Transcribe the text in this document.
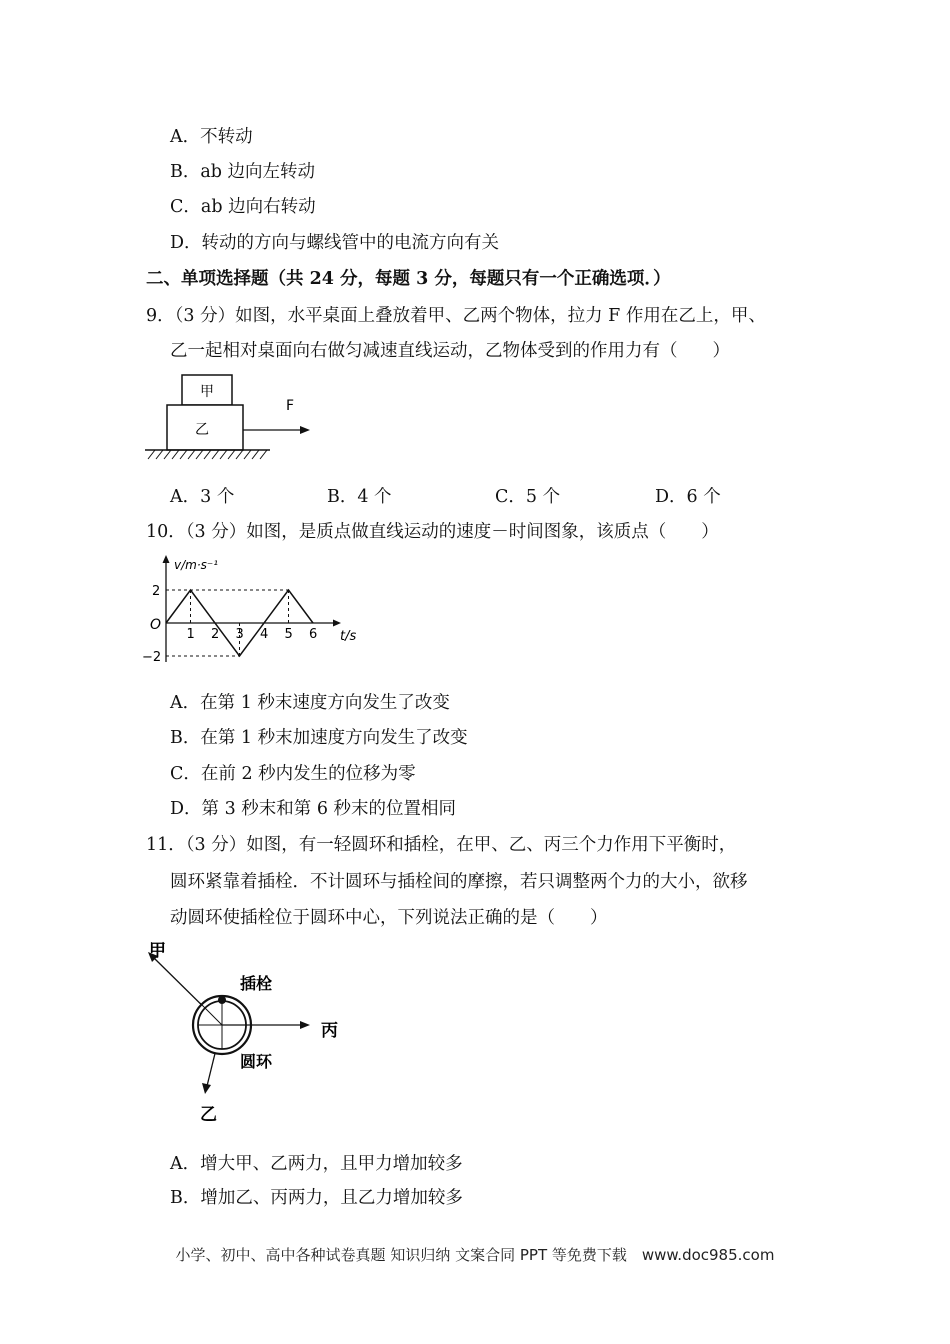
A．不转动
B．ab 边向左转动
C．ab 边向右转动
D．转动的方向与螺线管中的电流方向有关
二、单项选择题（共 24 分，每题 3 分，每题只有一个正确选项．）
9．（3 分）如图，水平桌面上叠放着甲、乙两个物体，拉力 F 作用在乙上，甲、
乙一起相对桌面向右做匀减速直线运动，乙物体受到的作用力有（　　）
甲
乙
F
A．3 个	B．4 个	C．5 个	D．6 个
10．（3 分）如图，是质点做直线运动的速度－时间图象，该质点（　　）
v/m·s⁻¹
t/s
O
1 2 3 4 5 6
2
−2
A．在第 1 秒末速度方向发生了改变
B．在第 1 秒末加速度方向发生了改变
C．在前 2 秒内发生的位移为零
D．第 3 秒末和第 6 秒末的位置相同
11．（3 分）如图，有一轻圆环和插栓，在甲、乙、丙三个力作用下平衡时，
圆环紧靠着插栓．不计圆环与插栓间的摩擦，若只调整两个力的大小，欲移
动圆环使插栓位于圆环中心，下列说法正确的是（　　）
甲
乙
丙
插栓
圆环
A．增大甲、乙两力，且甲力增加较多
B．增加乙、丙两力，且乙力增加较多
小学、初中、高中各种试卷真题 知识归纳 文案合同 PPT 等免费下载　www.doc985.com
